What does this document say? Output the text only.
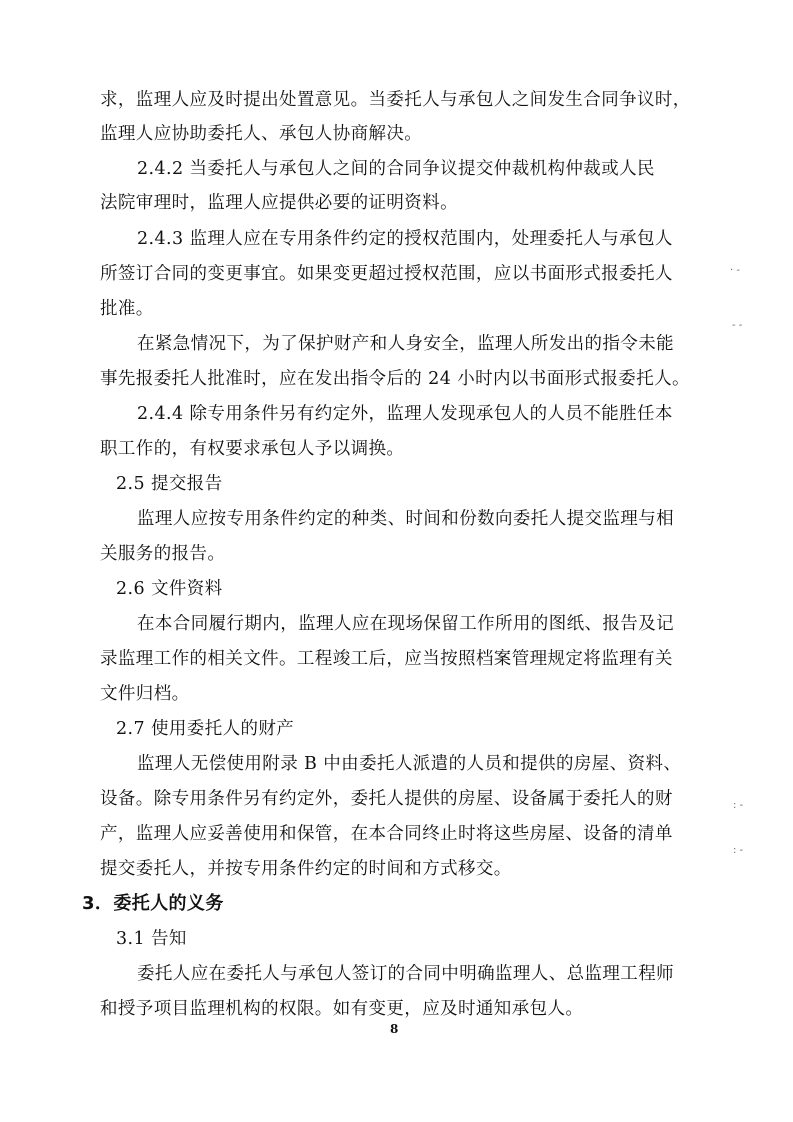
求，监理人应及时提出处置意见。当委托人与承包人之间发生合同争议时，
监理人应协助委托人、承包人协商解决。
2.4.2 当委托人与承包人之间的合同争议提交仲裁机构仲裁或人民
法院审理时，监理人应提供必要的证明资料。
2.4.3 监理人应在专用条件约定的授权范围内，处理委托人与承包人
所签订合同的变更事宜。如果变更超过授权范围，应以书面形式报委托人
批准。
在紧急情况下，为了保护财产和人身安全，监理人所发出的指令未能
事先报委托人批准时，应在发出指令后的 24 小时内以书面形式报委托人。
2.4.4 除专用条件另有约定外，监理人发现承包人的人员不能胜任本
职工作的，有权要求承包人予以调换。
2.5 提交报告
监理人应按专用条件约定的种类、时间和份数向委托人提交监理与相
关服务的报告。
2.6 文件资料
在本合同履行期内，监理人应在现场保留工作所用的图纸、报告及记
录监理工作的相关文件。工程竣工后，应当按照档案管理规定将监理有关
文件归档。
2.7 使用委托人的财产
监理人无偿使用附录 B 中由委托人派遣的人员和提供的房屋、资料、
设备。除专用条件另有约定外，委托人提供的房屋、设备属于委托人的财
产，监理人应妥善使用和保管，在本合同终止时将这些房屋、设备的清单
提交委托人，并按专用条件约定的时间和方式移交。
3．委托人的义务
3.1 告知
委托人应在委托人与承包人签订的合同中明确监理人、总监理工程师
和授予项目监理机构的权限。如有变更，应及时通知承包人。
8
· -
- -
: -
: -
